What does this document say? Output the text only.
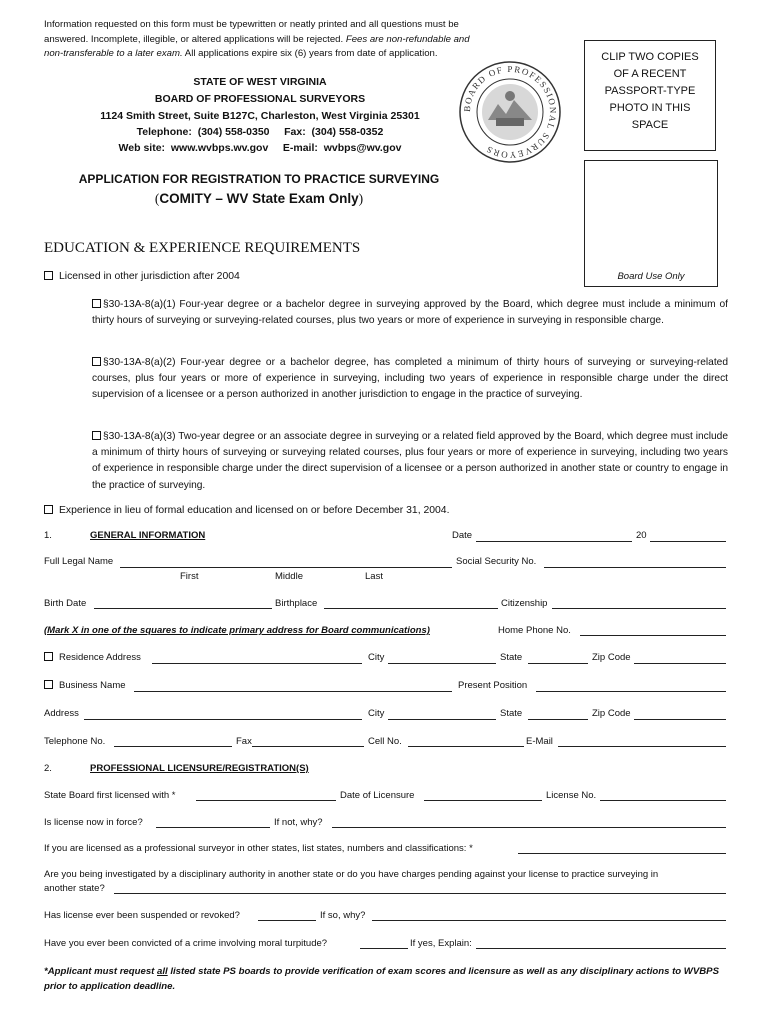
Information requested on this form must be typewritten or neatly printed and all questions must be
answered. Incomplete, illegible, or altered applications will be rejected. Fees are non-refundable and
non-transferable to a later exam. All applications expire six (6) years from date of application.
STATE OF WEST VIRGINIA
BOARD OF PROFESSIONAL SURVEYORS
1124 Smith Street, Suite B127C, Charleston, West Virginia 25301
Telephone:  (304) 558-0350     Fax:  (304) 558-0352
Web site:  www.wvbps.wv.gov     E-mail:  wvbps@wv.gov
BOARD OF PROFESSIONAL SURVEYORS
CLIP TWO COPIES
OF A RECENT
PASSPORT-TYPE
PHOTO IN THIS
SPACE
Board Use Only
APPLICATION FOR REGISTRATION TO PRACTICE SURVEYING
(COMITY – WV State Exam Only)
EDUCATION & EXPERIENCE REQUIREMENTS
Licensed in other jurisdiction after 2004
§30-13A-8(a)(1) Four-year degree or a bachelor degree in surveying approved by the Board, which degree must include a minimum of thirty hours of surveying or surveying-related courses, plus two years or more of experience in surveying in responsible charge.
§30-13A-8(a)(2) Four-year degree or a bachelor degree, has completed a minimum of thirty hours of surveying or surveying-related courses, plus four years or more of experience in surveying, including two years of experience in responsible charge under the direct supervision of a licensee or a person authorized in another jurisdiction to engage in the practice of surveying.
§30-13A-8(a)(3) Two-year degree or an associate degree in surveying or a related field approved by the Board, which degree must include a minimum of thirty hours of surveying or surveying related courses, plus four years or more of experience in surveying, including two years of experience in responsible charge under the direct supervision of a licensee or a person authorized in another state or country to engage in the practice of surveying.
Experience in lieu of formal education and licensed on or before December 31, 2004.
1.	GENERAL INFORMATION	Date	20
Full Legal Name	Social Security No.
First	Middle	Last
Birth Date	Birthplace	Citizenship
(Mark X in one of the squares to indicate primary address for Board communications)	Home Phone No.
Residence Address	City	State	Zip Code
Business Name	Present Position
Address	City	State	Zip Code
Telephone No.	Fax	Cell No.	E-Mail
2.	PROFESSIONAL LICENSURE/REGISTRATION(S)
State Board first licensed with *	Date of Licensure	License No.
Is license now in force?	If not, why?
If you are licensed as a professional surveyor in other states, list states, numbers and classifications: *
Are you being investigated by a disciplinary authority in another state or do you have charges pending against your license to practice surveying in
another state?
Has license ever been suspended or revoked?	If so, why?
Have you ever been convicted of a crime involving moral turpitude?	If yes, Explain:
*Applicant must request all listed state PS boards to provide verification of exam scores and licensure as well as any disciplinary actions to WVBPS prior to application deadline.
